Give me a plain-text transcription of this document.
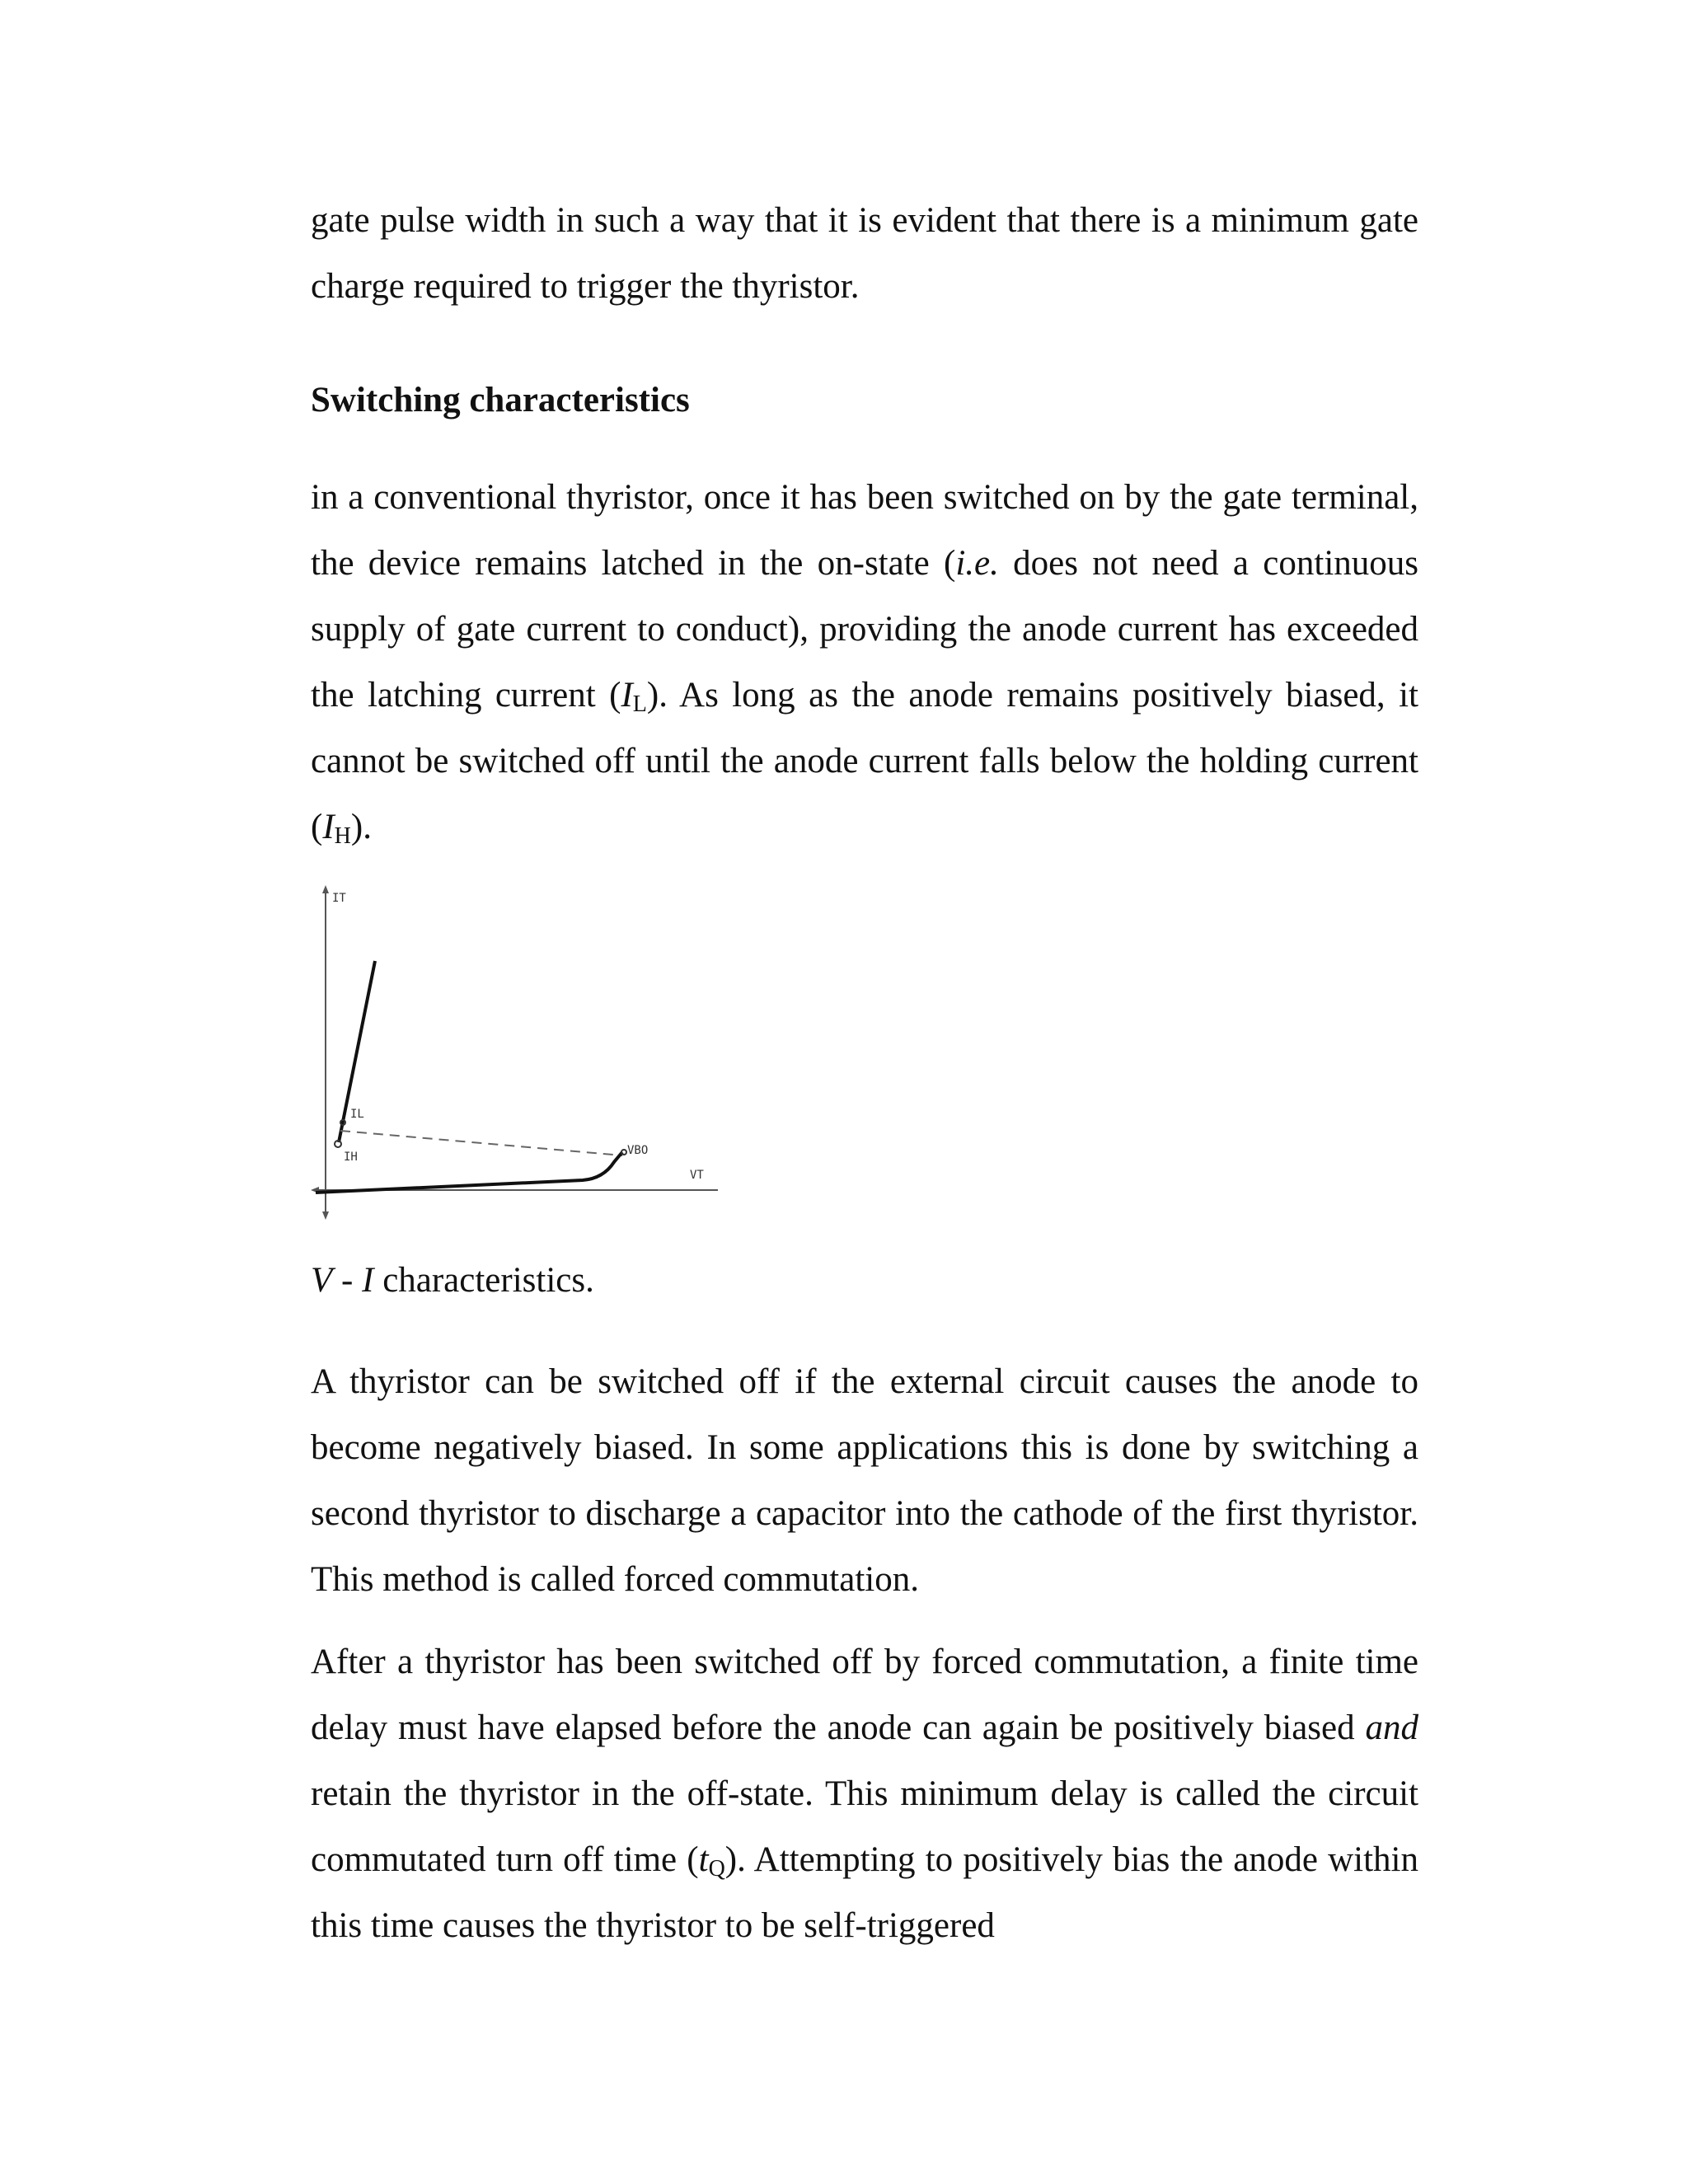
gate pulse width in such a way that it is evident that there is a minimum gate charge required to trigger the thyristor.

Switching characteristics

in a conventional thyristor, once it has been switched on by the gate terminal, the device remains latched in the on-state (i.e. does not need a continuous supply of gate current to conduct), providing the anode current has exceeded the latching current $(I_L)$. As long as the anode remains positively biased, it cannot be switched off until the anode current falls below the holding current $(I_H)$.

IT
IL
IH	VBO
VT

V - I characteristics.

A thyristor can be switched off if the external circuit causes the anode to become negatively biased. In some applications this is done by switching a second thyristor to discharge a capacitor into the cathode of the first thyristor. This method is called forced commutation.

After a thyristor has been switched off by forced commutation, a finite time delay must have elapsed before the anode can again be positively biased and retain the thyristor in the off-state. This minimum delay is called the circuit commutated turn off time $(t_Q)$. Attempting to positively bias the anode within this time causes the thyristor to be self-triggered
